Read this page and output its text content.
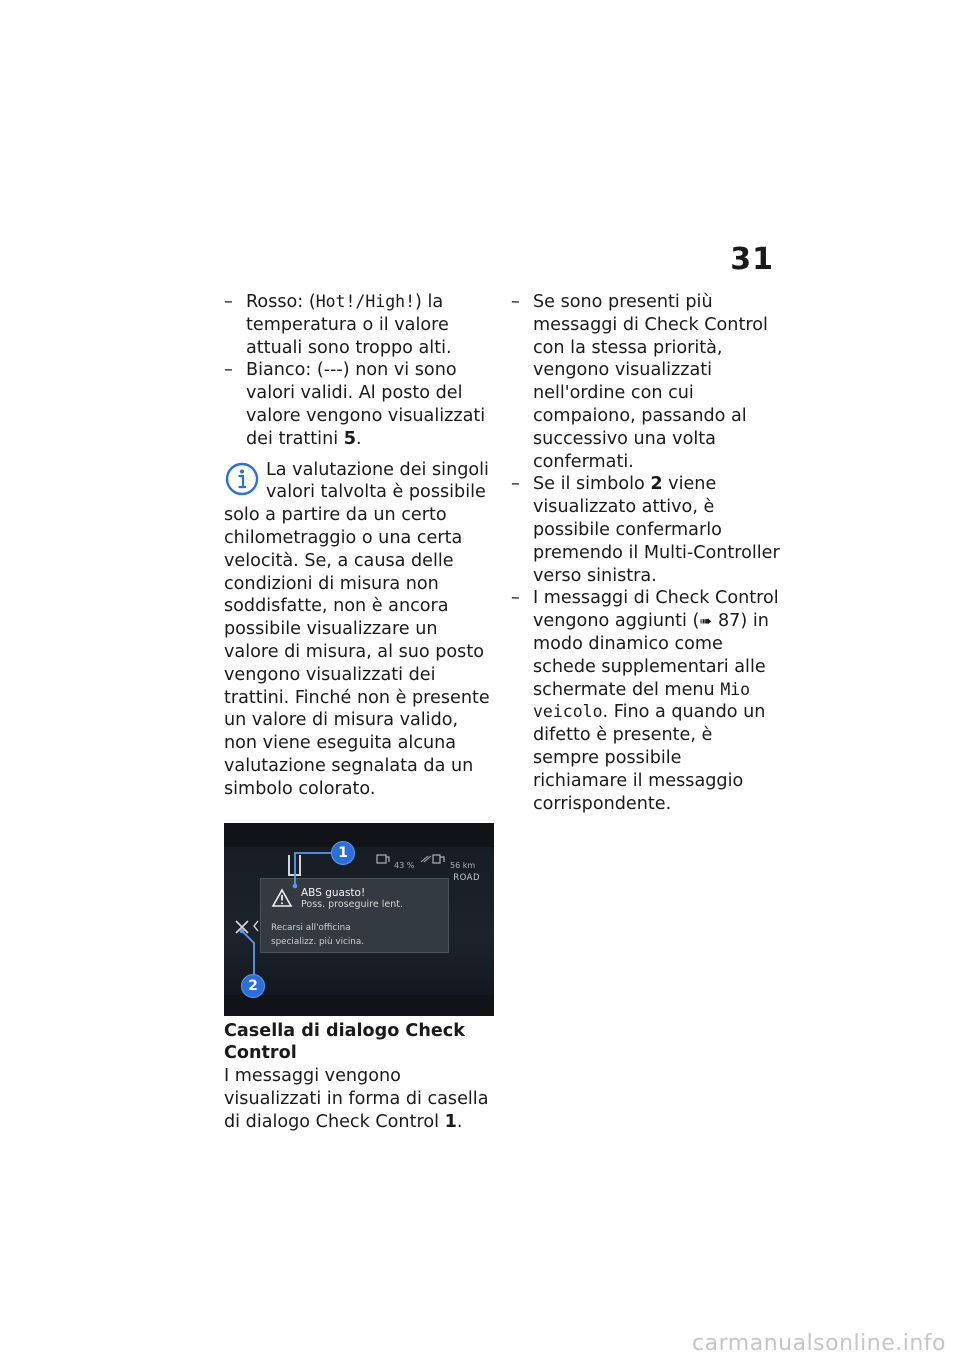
31

– Rosso: (Hot!/High!) la temperatura o il valore attuali sono troppo alti.

– Bianco: (---) non vi sono valori validi. Al posto del valore vengono visualizzati dei trattini 5.

La valutazione dei singoli valori talvolta è possibile solo a partire da un certo chilometraggio o una certa velocità. Se, a causa delle condizioni di misura non soddisfatte, non è ancora possibile visualizzare un valore di misura, al suo posto vengono visualizzati dei trattini. Finché non è presente un valore di misura valido, non viene eseguita alcuna valutazione segnalata da un simbolo colorato.

43 %	56 km
ROAD
ABS guasto!
Poss. proseguire lent.
Recarsi all'officina
specializz. più vicina.
1
2
Casella di dialogo Check Control

I messaggi vengono visualizzati in forma di casella di dialogo Check Control 1.

– Se sono presenti più messaggi di Check Control con la stessa priorità, vengono visualizzati nell'ordine con cui compaiono, passando al successivo una volta confermati.

– Se il simbolo 2 viene visualizzato attivo, è possibile confermarlo premendo il Multi-Controller verso sinistra.

– I messaggi di Check Control vengono aggiunti (➠ 87) in modo dinamico come schede supplementari alle schermate del menu Mio veicolo. Fino a quando un difetto è presente, è sempre possibile richiamare il messaggio corrispondente.

carmanualsonline.info
